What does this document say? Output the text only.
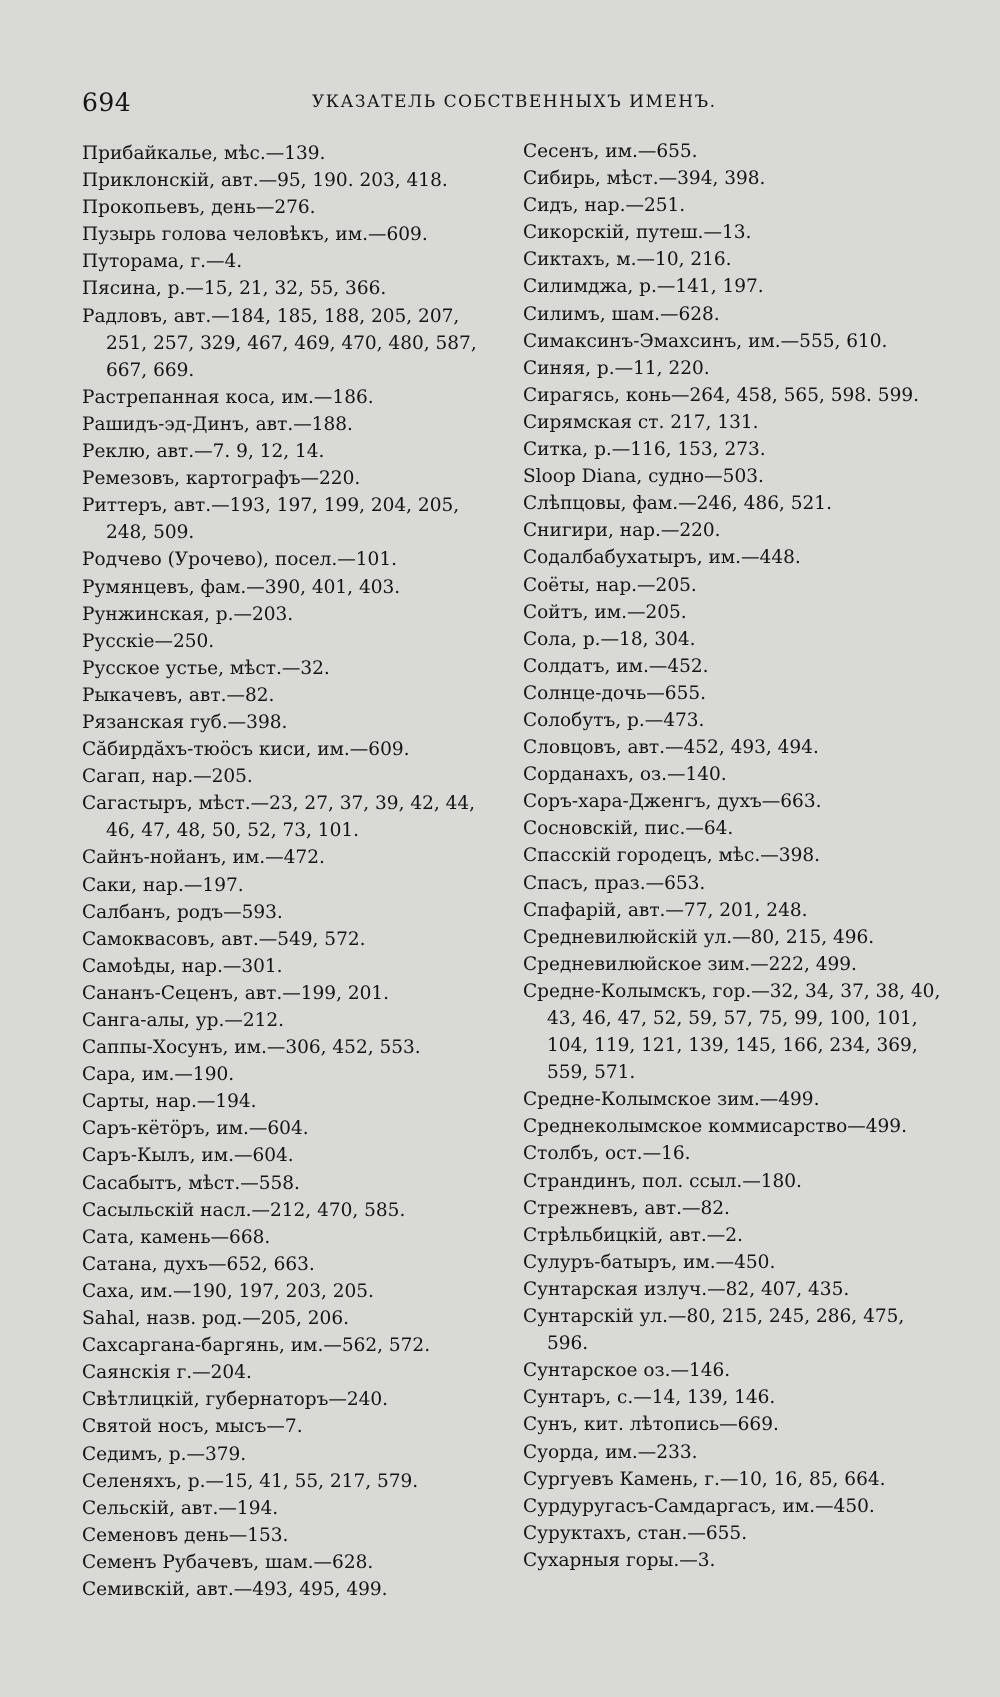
694	УКАЗАТЕЛЬ СОБСТВЕННЫХЪ ИМЕНЪ.
Прибайкалье, мѣс.—139.
Приклонскій, авт.—95, 190. 203, 418.
Прокопьевъ, день—276.
Пузырь голова человѣкъ, им.—609.
Путорама, г.—4.
Пясина, р.—15, 21, 32, 55, 366.
Радловъ, авт.—184, 185, 188, 205, 207, 251, 257, 329, 467, 469, 470, 480, 587, 667, 669.
Растрепанная коса, им.—186.
Рашидъ-эд-Динъ, авт.—188.
Реклю, авт.—7. 9, 12, 14.
Ремезовъ, картографъ—220.
Риттеръ, авт.—193, 197, 199, 204, 205, 248, 509.
Родчево (Урочево), посел.—101.
Румянцевъ, фам.—390, 401, 403.
Рунжинская, р.—203.
Русскіе—250.
Русское устье, мѣст.—32.
Рыкачевъ, авт.—82.
Рязанская губ.—398.
Сăбирдăхъ-тюöсъ киси, им.—609.
Сагап, нар.—205.
Сагастыръ, мѣст.—23, 27, 37, 39, 42, 44, 46, 47, 48, 50, 52, 73, 101.
Сайнъ-нойанъ, им.—472.
Саки, нар.—197.
Салбанъ, родъ—593.
Самоквасовъ, авт.—549, 572.
Самоѣды, нар.—301.
Сананъ-Сеценъ, авт.—199, 201.
Санга-алы, ур.—212.
Саппы-Хосунъ, им.—306, 452, 553.
Сара, им.—190.
Сарты, нар.—194.
Саръ-кётöръ, им.—604.
Саръ-Кылъ, им.—604.
Сасабытъ, мѣст.—558.
Сасыльскій насл.—212, 470, 585.
Сата, камень—668.
Сатана, духъ—652, 663.
Саха, им.—190, 197, 203, 205.
Sahal, назв. род.—205, 206.
Сахсаргана-баргянь, им.—562, 572.
Саянскія г.—204.
Свѣтлицкій, губернаторъ—240.
Святой носъ, мысъ—7.
Седимъ, р.—379.
Селеняхъ, р.—15, 41, 55, 217, 579.
Сельскій, авт.—194.
Семеновъ день—153.
Семенъ Рубачевъ, шам.—628.
Семивскій, авт.—493, 495, 499.
Сесенъ, им.—655.
Сибирь, мѣст.—394, 398.
Сидъ, нар.—251.
Сикорскій, путеш.—13.
Сиктахъ, м.—10, 216.
Силимджа, р.—141, 197.
Силимъ, шам.—628.
Симаксинъ-Эмахсинъ, им.—555, 610.
Синяя, р.—11, 220.
Сирагясь, конь—264, 458, 565, 598. 599.
Сирямская ст. 217, 131.
Ситка, р.—116, 153, 273.
Sloop Diana, судно—503.
Слѣпцовы, фам.—246, 486, 521.
Снигири, нар.—220.
Содалбабухатыръ, им.—448.
Соёты, нар.—205.
Сойтъ, им.—205.
Сола, р.—18, 304.
Солдатъ, им.—452.
Солнце-дочь—655.
Солобутъ, р.—473.
Словцовъ, авт.—452, 493, 494.
Сорданахъ, оз.—140.
Соръ-хара-Дженгъ, духъ—663.
Сосновскій, пис.—64.
Спасскій городецъ, мѣс.—398.
Спасъ, праз.—653.
Спафарій, авт.—77, 201, 248.
Средневилюйскій ул.—80, 215, 496.
Средневилюйское зим.—222, 499.
Средне-Колымскъ, гор.—32, 34, 37, 38, 40, 43, 46, 47, 52, 59, 57, 75, 99, 100, 101, 104, 119, 121, 139, 145, 166, 234, 369, 559, 571.
Средне-Колымское зим.—499.
Среднеколымское коммисарство—499.
Столбъ, ост.—16.
Страндинъ, пол. ссыл.—180.
Стрежневъ, авт.—82.
Стрѣльбицкій, авт.—2.
Сулуръ-батыръ, им.—450.
Сунтарская излуч.—82, 407, 435.
Сунтарскій ул.—80, 215, 245, 286, 475, 596.
Сунтарское оз.—146.
Сунтаръ, с.—14, 139, 146.
Сунъ, кит. лѣтопись—669.
Суорда, им.—233.
Сургуевъ Камень, г.—10, 16, 85, 664.
Сурдуругасъ-Самдаргасъ, им.—450.
Суруктахъ, стан.—655.
Сухарныя горы.—3.
